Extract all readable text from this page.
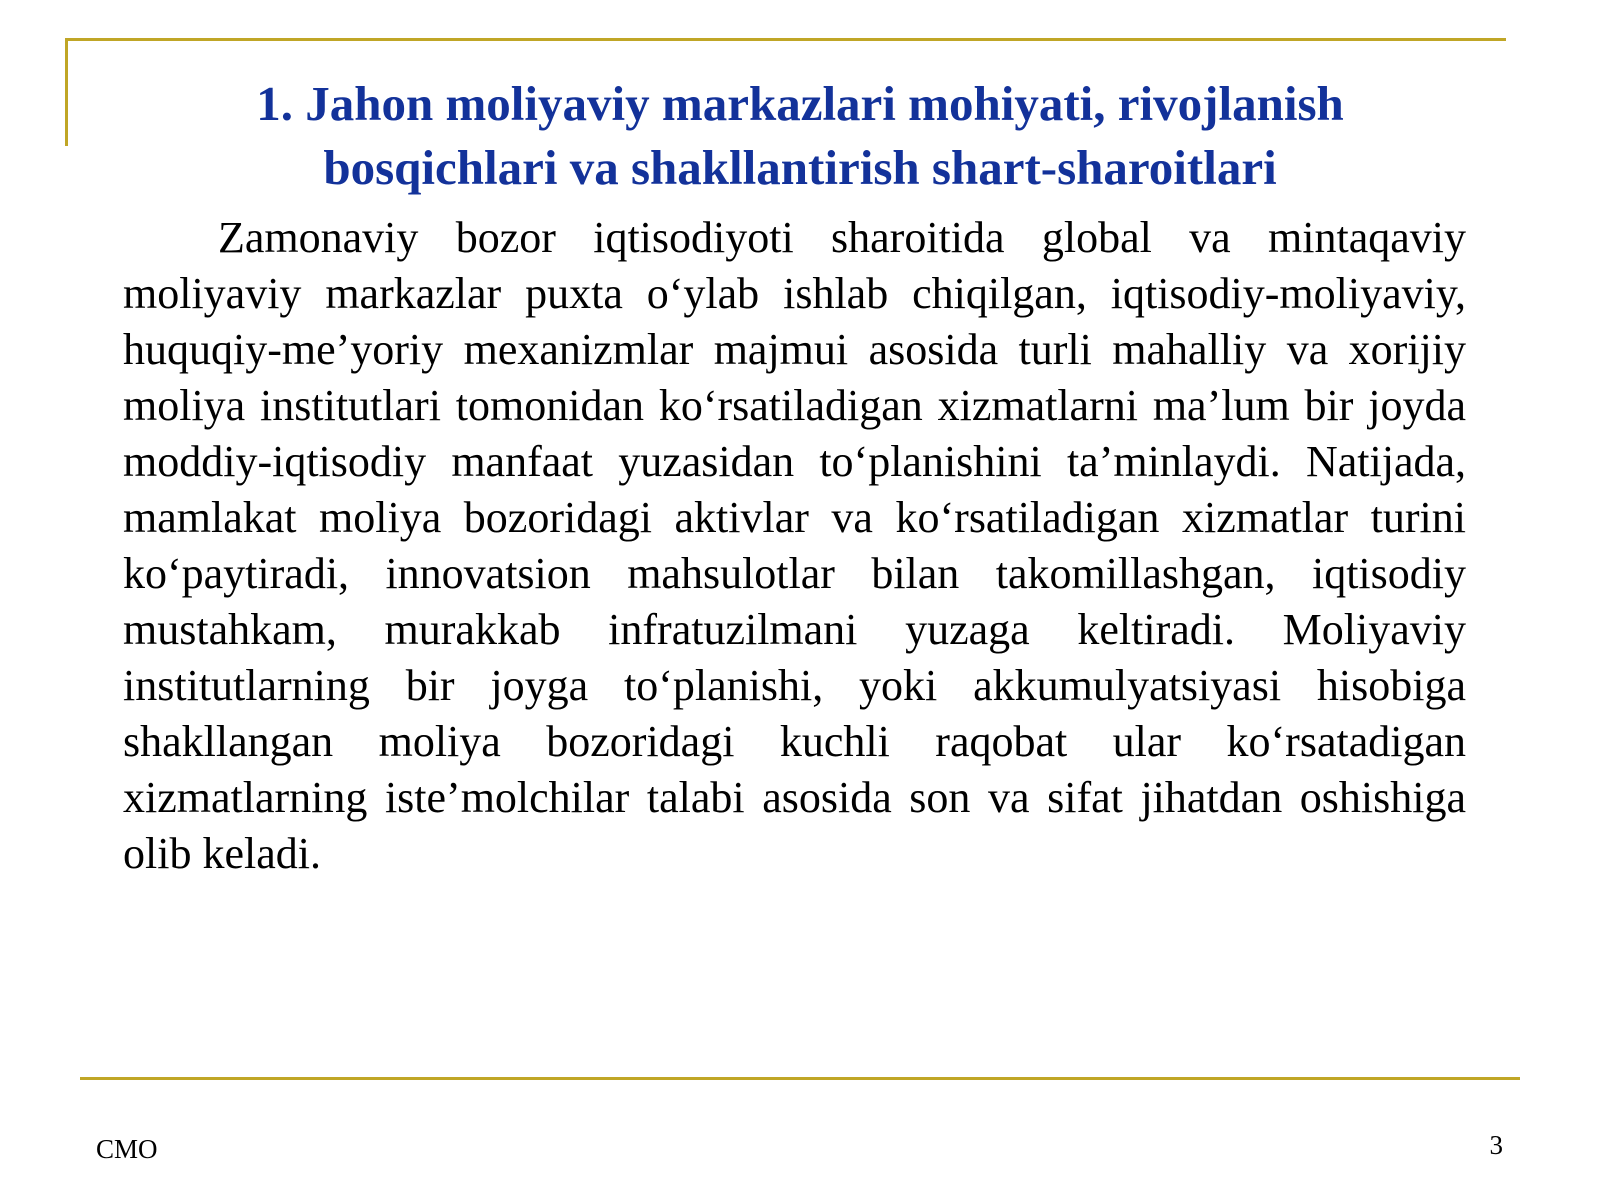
1. Jahon moliyaviy markazlari mohiyati, rivojlanish
bosqichlari va shakllantirish shart-sharoitlari

Zamonaviy bozor iqtisodiyoti sharoitida global va mintaqaviy moliyaviy markazlar puxta o‘ylab ishlab chiqilgan, iqtisodiy-moliyaviy, huquqiy-me’yoriy mexanizmlar majmui asosida turli mahalliy va xorijiy moliya institutlari tomonidan ko‘rsatiladigan xizmatlarni ma’lum bir joyda moddiy-iqtisodiy manfaat yuzasidan to‘planishini ta’minlaydi. Natijada, mamlakat moliya bozoridagi aktivlar va ko‘rsatiladigan xizmatlar turini ko‘paytiradi, innovatsion mahsulotlar bilan takomillashgan, iqtisodiy mustahkam, murakkab infratuzilmani yuzaga keltiradi. Moliyaviy institutlarning bir joyga to‘planishi, yoki akkumulyatsiyasi hisobiga shakllangan moliya bozoridagi kuchli raqobat ular ko‘rsatadigan xizmatlarning iste’molchilar talabi asosida son va sifat jihatdan oshishiga olib keladi.

CMO	3
